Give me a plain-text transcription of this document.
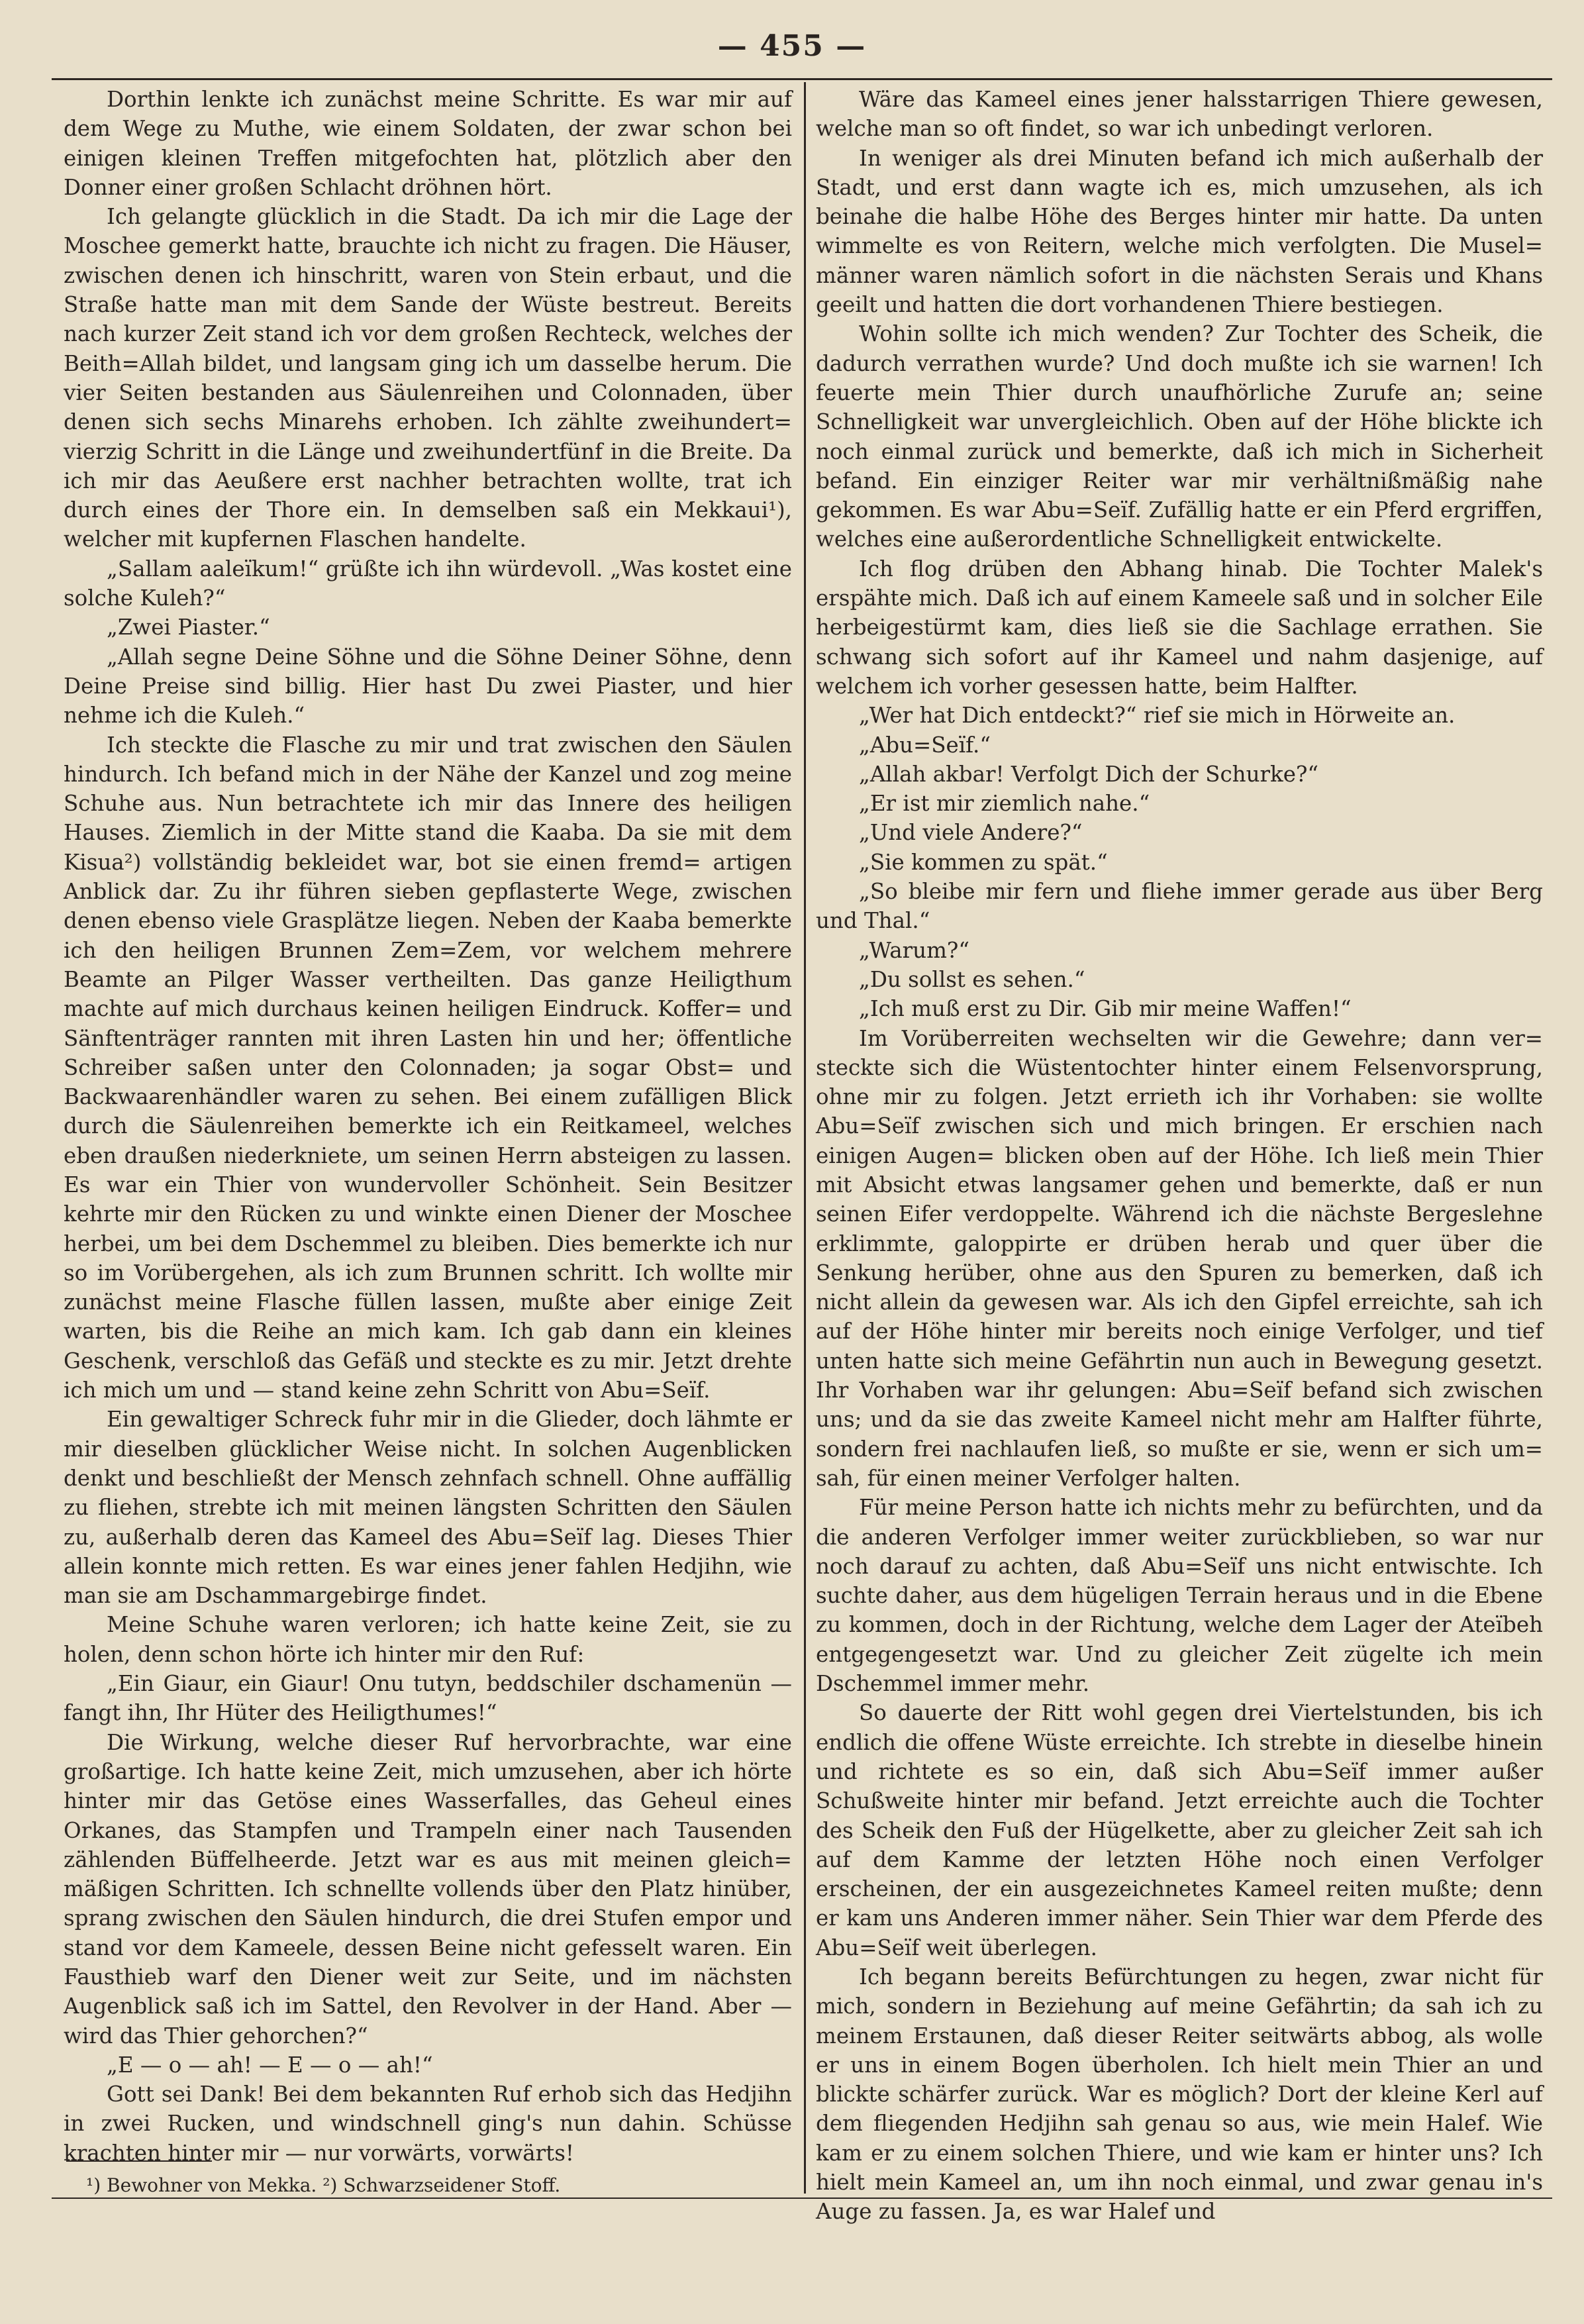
— 455 —

Dorthin lenkte ich zunächst meine Schritte. Es war mir auf dem Wege zu Muthe, wie einem Soldaten, der zwar schon bei einigen kleinen Treffen mitgefochten hat, plötzlich aber den Donner einer großen Schlacht dröhnen hört.

Ich gelangte glücklich in die Stadt. Da ich mir die Lage der Moschee gemerkt hatte, brauchte ich nicht zu fragen. Die Häuser, zwischen denen ich hinschritt, waren von Stein erbaut, und die Straße hatte man mit dem Sande der Wüste bestreut. Bereits nach kurzer Zeit stand ich vor dem großen Rechteck, welches der Beith=Allah bildet, und langsam ging ich um dasselbe herum. Die vier Seiten bestanden aus Säulenreihen und Colonnaden, über denen sich sechs Minarehs erhoben. Ich zählte zweihundert= vierzig Schritt in die Länge und zweihundertfünf in die Breite. Da ich mir das Aeußere erst nachher betrachten wollte, trat ich durch eines der Thore ein. In demselben saß ein Mekkaui¹), welcher mit kupfernen Flaschen handelte.

„Sallam aaleïkum!“ grüßte ich ihn würdevoll. „Was kostet eine solche Kuleh?“

„Zwei Piaster.“

„Allah segne Deine Söhne und die Söhne Deiner Söhne, denn Deine Preise sind billig. Hier hast Du zwei Piaster, und hier nehme ich die Kuleh.“

Ich steckte die Flasche zu mir und trat zwischen den Säulen hindurch. Ich befand mich in der Nähe der Kanzel und zog meine Schuhe aus. Nun betrachtete ich mir das Innere des heiligen Hauses. Ziemlich in der Mitte stand die Kaaba. Da sie mit dem Kisua²) vollständig bekleidet war, bot sie einen fremd= artigen Anblick dar. Zu ihr führen sieben gepflasterte Wege, zwischen denen ebenso viele Grasplätze liegen. Neben der Kaaba bemerkte ich den heiligen Brunnen Zem=Zem, vor welchem mehrere Beamte an Pilger Wasser vertheilten. Das ganze Heiligthum machte auf mich durchaus keinen heiligen Eindruck. Koffer= und Sänftenträger rannten mit ihren Lasten hin und her; öffentliche Schreiber saßen unter den Colonnaden; ja sogar Obst= und Backwaarenhändler waren zu sehen. Bei einem zufälligen Blick durch die Säulenreihen bemerkte ich ein Reitkameel, welches eben draußen niederkniete, um seinen Herrn absteigen zu lassen. Es war ein Thier von wundervoller Schönheit. Sein Besitzer kehrte mir den Rücken zu und winkte einen Diener der Moschee herbei, um bei dem Dschemmel zu bleiben. Dies bemerkte ich nur so im Vorübergehen, als ich zum Brunnen schritt. Ich wollte mir zunächst meine Flasche füllen lassen, mußte aber einige Zeit warten, bis die Reihe an mich kam. Ich gab dann ein kleines Geschenk, verschloß das Gefäß und steckte es zu mir. Jetzt drehte ich mich um und — stand keine zehn Schritt von Abu=Seïf.

Ein gewaltiger Schreck fuhr mir in die Glieder, doch lähmte er mir dieselben glücklicher Weise nicht. In solchen Augenblicken denkt und beschließt der Mensch zehnfach schnell. Ohne auffällig zu fliehen, strebte ich mit meinen längsten Schritten den Säulen zu, außerhalb deren das Kameel des Abu=Seïf lag. Dieses Thier allein konnte mich retten. Es war eines jener fahlen Hedjihn, wie man sie am Dschammargebirge findet.

Meine Schuhe waren verloren; ich hatte keine Zeit, sie zu holen, denn schon hörte ich hinter mir den Ruf:

„Ein Giaur, ein Giaur! Onu tutyn, beddschiler dschamenün — fangt ihn, Ihr Hüter des Heiligthumes!“

Die Wirkung, welche dieser Ruf hervorbrachte, war eine großartige. Ich hatte keine Zeit, mich umzusehen, aber ich hörte hinter mir das Getöse eines Wasserfalles, das Geheul eines Orkanes, das Stampfen und Trampeln einer nach Tausenden zählenden Büffelheerde. Jetzt war es aus mit meinen gleich= mäßigen Schritten. Ich schnellte vollends über den Platz hinüber, sprang zwischen den Säulen hindurch, die drei Stufen empor und stand vor dem Kameele, dessen Beine nicht gefesselt waren. Ein Fausthieb warf den Diener weit zur Seite, und im nächsten Augenblick saß ich im Sattel, den Revolver in der Hand. Aber — wird das Thier gehorchen?“

„E — o — ah! — E — o — ah!“

Gott sei Dank! Bei dem bekannten Ruf erhob sich das Hedjihn in zwei Rucken, und windschnell ging's nun dahin. Schüsse krachten hinter mir — nur vorwärts, vorwärts!

Wäre das Kameel eines jener halsstarrigen Thiere gewesen, welche man so oft findet, so war ich unbedingt verloren.

In weniger als drei Minuten befand ich mich außerhalb der Stadt, und erst dann wagte ich es, mich umzusehen, als ich beinahe die halbe Höhe des Berges hinter mir hatte. Da unten wimmelte es von Reitern, welche mich verfolgten. Die Musel= männer waren nämlich sofort in die nächsten Serais und Khans geeilt und hatten die dort vorhandenen Thiere bestiegen.

Wohin sollte ich mich wenden? Zur Tochter des Scheik, die dadurch verrathen wurde? Und doch mußte ich sie warnen! Ich feuerte mein Thier durch unaufhörliche Zurufe an; seine Schnelligkeit war unvergleichlich. Oben auf der Höhe blickte ich noch einmal zurück und bemerkte, daß ich mich in Sicherheit befand. Ein einziger Reiter war mir verhältnißmäßig nahe gekommen. Es war Abu=Seïf. Zufällig hatte er ein Pferd ergriffen, welches eine außerordentliche Schnelligkeit entwickelte.

Ich flog drüben den Abhang hinab. Die Tochter Malek's erspähte mich. Daß ich auf einem Kameele saß und in solcher Eile herbeigestürmt kam, dies ließ sie die Sachlage errathen. Sie schwang sich sofort auf ihr Kameel und nahm dasjenige, auf welchem ich vorher gesessen hatte, beim Halfter.

„Wer hat Dich entdeckt?“ rief sie mich in Hörweite an.

„Abu=Seïf.“

„Allah akbar! Verfolgt Dich der Schurke?“

„Er ist mir ziemlich nahe.“

„Und viele Andere?“

„Sie kommen zu spät.“

„So bleibe mir fern und fliehe immer gerade aus über Berg und Thal.“

„Warum?“

„Du sollst es sehen.“

„Ich muß erst zu Dir. Gib mir meine Waffen!“

Im Vorüberreiten wechselten wir die Gewehre; dann ver= steckte sich die Wüstentochter hinter einem Felsenvorsprung, ohne mir zu folgen. Jetzt errieth ich ihr Vorhaben: sie wollte Abu=Seïf zwischen sich und mich bringen. Er erschien nach einigen Augen= blicken oben auf der Höhe. Ich ließ mein Thier mit Absicht etwas langsamer gehen und bemerkte, daß er nun seinen Eifer verdoppelte. Während ich die nächste Bergeslehne erklimmte, galoppirte er drüben herab und quer über die Senkung herüber, ohne aus den Spuren zu bemerken, daß ich nicht allein da gewesen war. Als ich den Gipfel erreichte, sah ich auf der Höhe hinter mir bereits noch einige Verfolger, und tief unten hatte sich meine Gefährtin nun auch in Bewegung gesetzt. Ihr Vorhaben war ihr gelungen: Abu=Seïf befand sich zwischen uns; und da sie das zweite Kameel nicht mehr am Halfter führte, sondern frei nachlaufen ließ, so mußte er sie, wenn er sich um= sah, für einen meiner Verfolger halten.

Für meine Person hatte ich nichts mehr zu befürchten, und da die anderen Verfolger immer weiter zurückblieben, so war nur noch darauf zu achten, daß Abu=Seïf uns nicht entwischte. Ich suchte daher, aus dem hügeligen Terrain heraus und in die Ebene zu kommen, doch in der Richtung, welche dem Lager der Ateïbeh entgegengesetzt war. Und zu gleicher Zeit zügelte ich mein Dschemmel immer mehr.

So dauerte der Ritt wohl gegen drei Viertelstunden, bis ich endlich die offene Wüste erreichte. Ich strebte in dieselbe hinein und richtete es so ein, daß sich Abu=Seïf immer außer Schußweite hinter mir befand. Jetzt erreichte auch die Tochter des Scheik den Fuß der Hügelkette, aber zu gleicher Zeit sah ich auf dem Kamme der letzten Höhe noch einen Verfolger erscheinen, der ein ausgezeichnetes Kameel reiten mußte; denn er kam uns Anderen immer näher. Sein Thier war dem Pferde des Abu=Seïf weit überlegen.

Ich begann bereits Befürchtungen zu hegen, zwar nicht für mich, sondern in Beziehung auf meine Gefährtin; da sah ich zu meinem Erstaunen, daß dieser Reiter seitwärts abbog, als wolle er uns in einem Bogen überholen. Ich hielt mein Thier an und blickte schärfer zurück. War es möglich? Dort der kleine Kerl auf dem fliegenden Hedjihn sah genau so aus, wie mein Halef. Wie kam er zu einem solchen Thiere, und wie kam er hinter uns? Ich hielt mein Kameel an, um ihn noch einmal, und zwar genau in's Auge zu fassen. Ja, es war Halef und

¹) Bewohner von Mekka. ²) Schwarzseidener Stoff.
